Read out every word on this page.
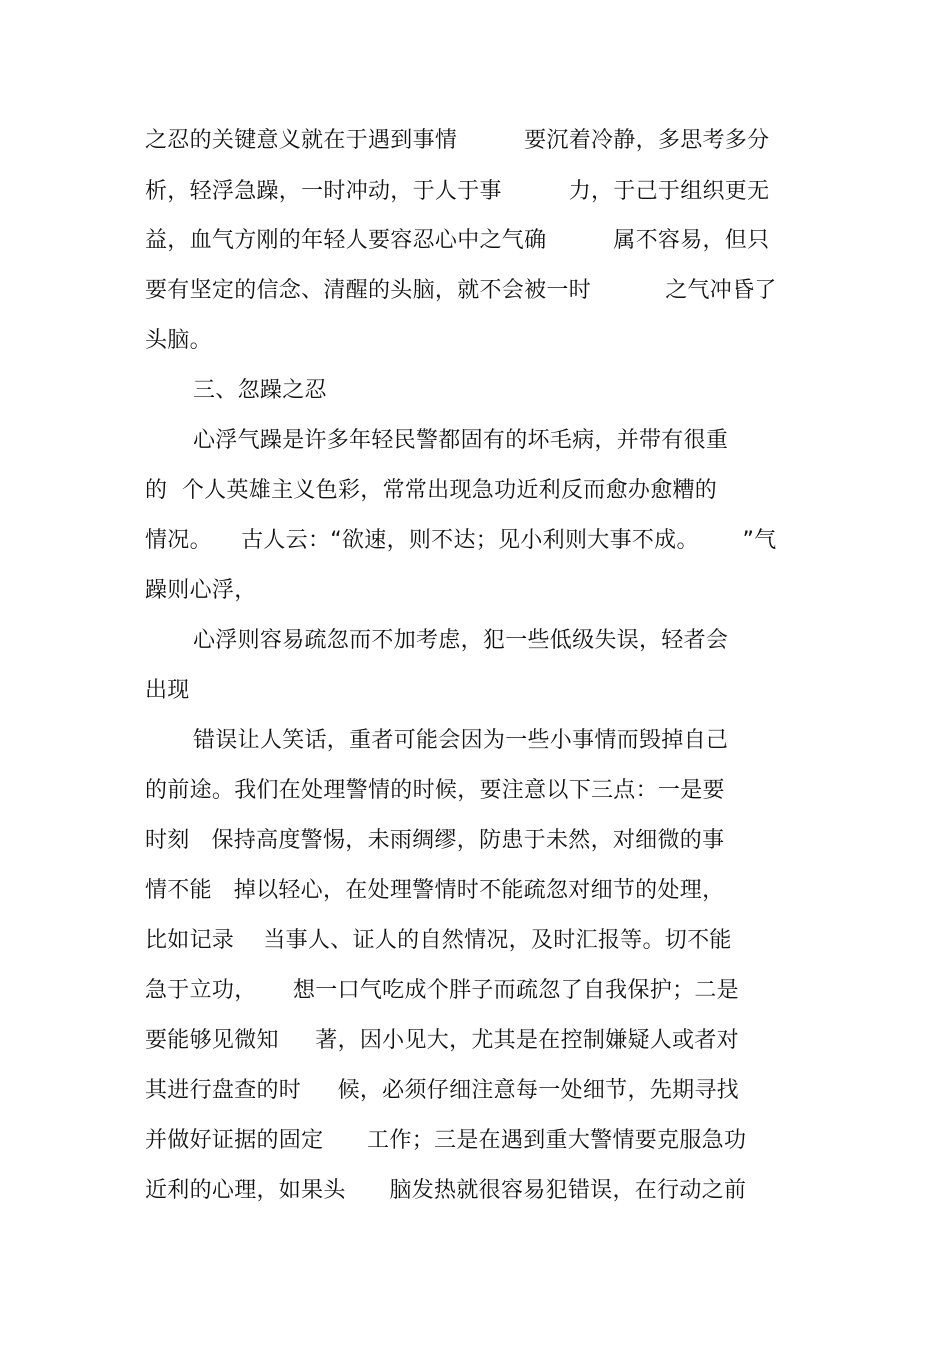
之忍的关键意义就在于遇到事情　　　要沉着冷静，多思考多分
析，轻浮急躁，一时冲动，于人于事　　　力，于己于组织更无
益，血气方刚的年轻人要容忍心中之气确　　　属不容易，但只
要有坚定的信念、清醒的头脑，就不会被一时　　　 之气冲昏了
头脑。
三、忽躁之忍
心浮气躁是许多年轻民警都固有的坏毛病，并带有很重
的  个人英雄主义色彩，常常出现急功近利反而愈办愈糟的
情况。    古人云：“欲速，则不达；见小利则大事不成。      ”气
躁则心浮，
心浮则容易疏忽而不加考虑，犯一些低级失误，轻者会
出现
错误让人笑话，重者可能会因为一些小事情而毁掉自己
的前途。我们在处理警情的时候，要注意以下三点：一是要
时刻   保持高度警惕，未雨绸缪，防患于未然，对细微的事
情不能   掉以轻心，在处理警情时不能疏忽对细节的处理，
比如记录    当事人、证人的自然情况，及时汇报等。切不能
急于立功，     想一口气吃成个胖子而疏忽了自我保护；二是
要能够见微知     著，因小见大，尤其是在控制嫌疑人或者对
其进行盘查的时     候，必须仔细注意每一处细节，先期寻找
并做好证据的固定      工作；三是在遇到重大警情要克服急功
近利的心理，如果头      脑发热就很容易犯错误，在行动之前
